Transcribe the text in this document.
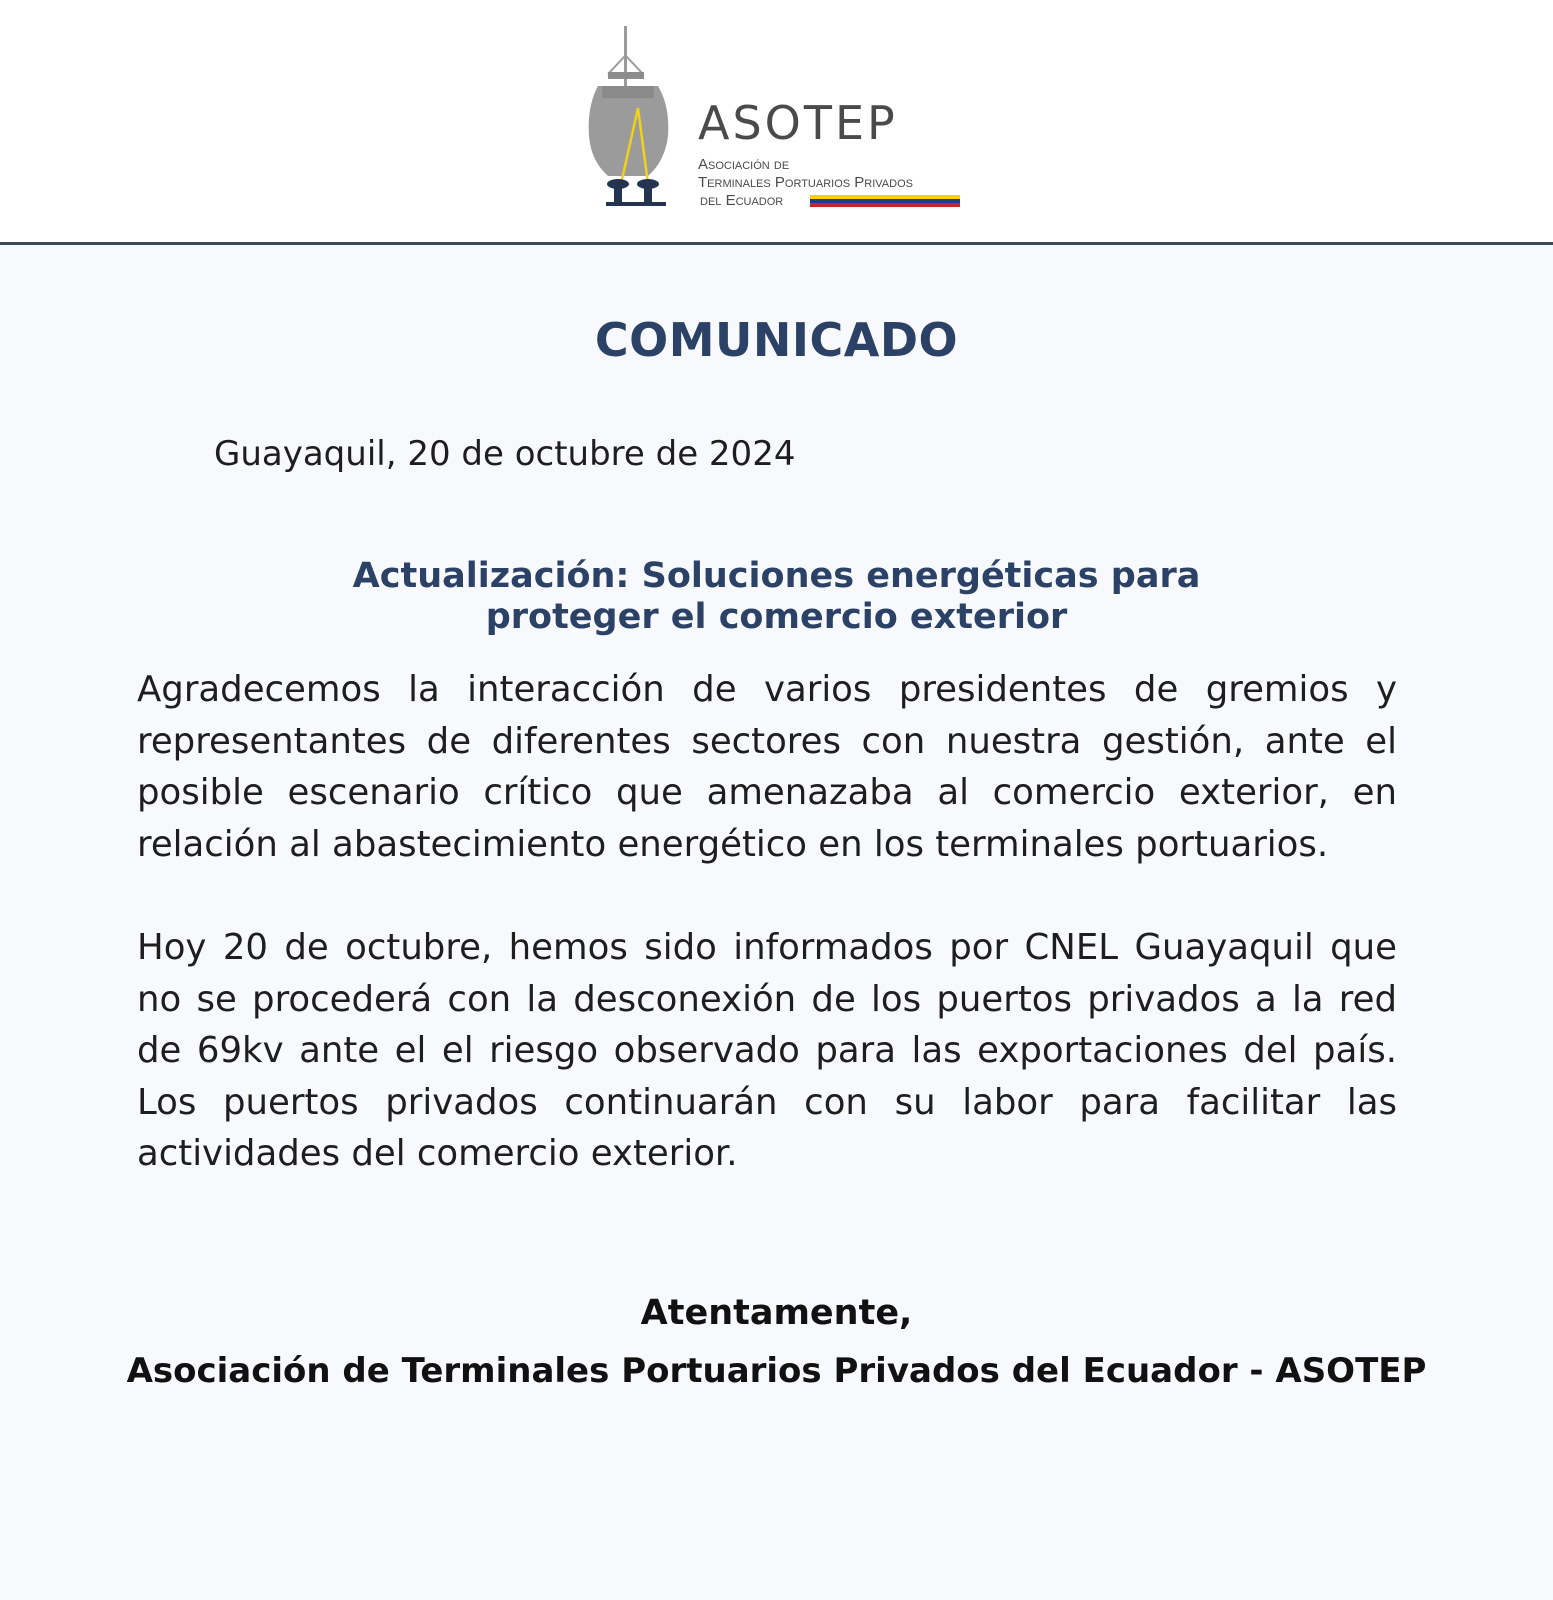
ASOTEP
Asociación de
Terminales Portuarios Privados
del Ecuador
COMUNICADO
Guayaquil, 20 de octubre de 2024
Actualización: Soluciones energéticas para
proteger el comercio exterior

Agradecemos la interacción de varios presidentes de gremios y representantes de diferentes sectores con nuestra gestión, ante el posible escenario crítico que amenazaba al comercio exterior, en relación al abastecimiento energético en los terminales portuarios.

Hoy 20 de octubre, hemos sido informados por CNEL Guayaquil que no se procederá con la desconexión de los puertos privados a la red de 69kv ante el el riesgo observado para las exportaciones del país. Los puertos privados continuarán con su labor para facilitar las actividades del comercio exterior.

Atentamente,
Asociación de Terminales Portuarios Privados del Ecuador - ASOTEP
